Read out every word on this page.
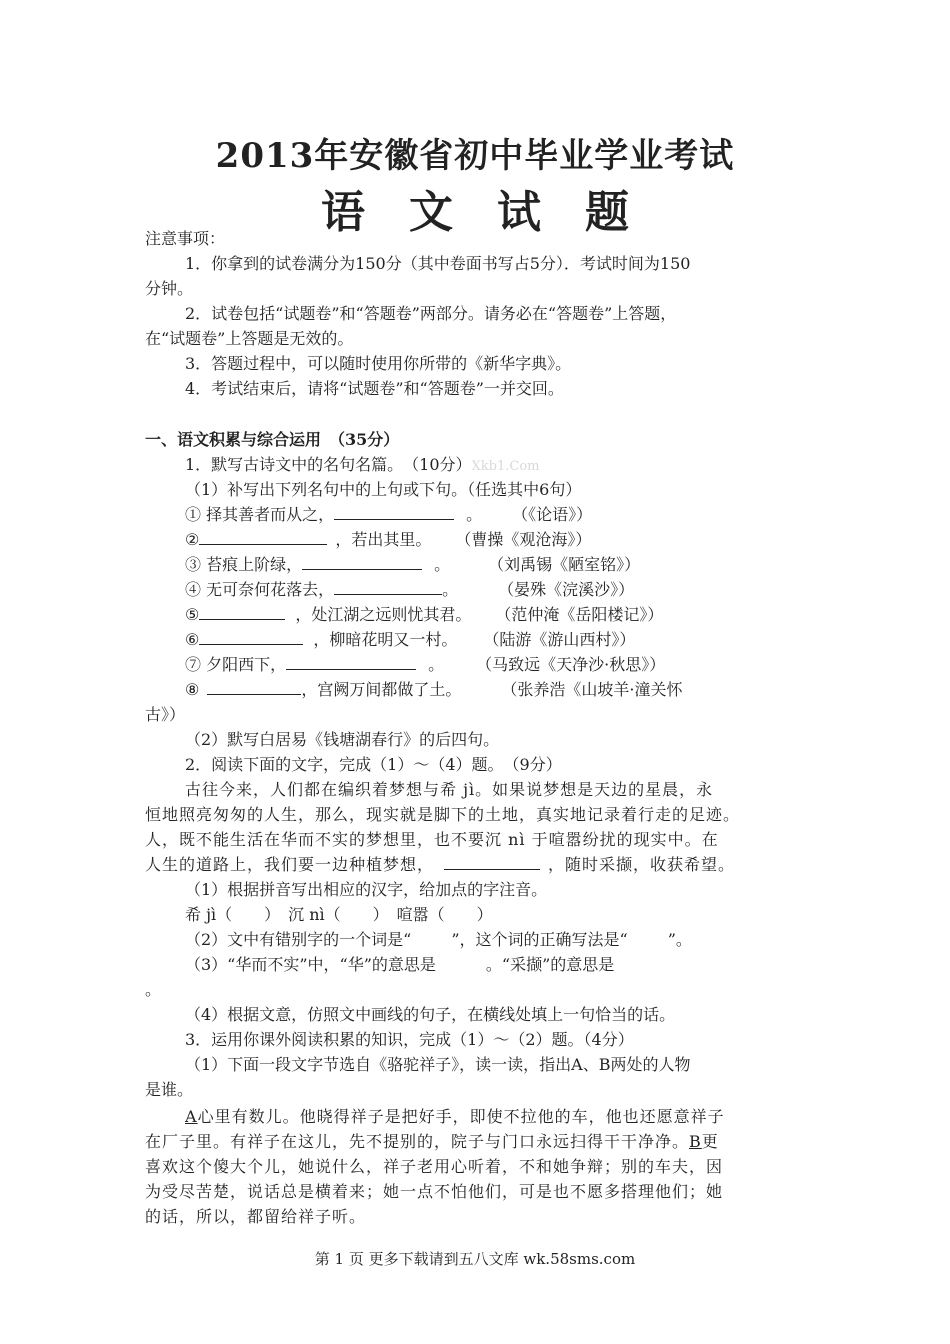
2013年安徽省初中毕业学业考试
语　文　试　题
注意事项：
1．你拿到的试卷满分为150分（其中卷面书写占5分）．考试时间为150
分钟。
2．试卷包括“试题卷”和“答题卷”两部分。请务必在“答题卷”上答题，
在“试题卷”上答题是无效的。
3．答题过程中，可以随时使用你所带的《新华字典》。
4．考试结束后，请将“试题卷”和“答题卷”一并交回。
一、语文积累与综合运用　（35分）
1．默写古诗文中的名句名篇。　（10分）Xkb1.Com
（1）补写出下列名句中的上句或下句。（任选其中6句）
① 择其善者而从之，	。 （《论语》）
②	，若出其里。 （曹操《观沧海》）
③ 苔痕上阶绿，	。	（刘禹锡《陋室铭》）
④ 无可奈何花落去，	。	（晏殊《浣溪沙》）
⑤	，处江湖之远则忧其君。 （范仲淹《岳阳楼记》）
⑥	，柳暗花明又一村。 （陆游《游山西村》）
⑦ 夕阳西下，	。	（马致远《天净沙·秋思》）
⑧	，宫阙万间都做了土。	（张养浩《山坡羊·潼关怀
古》）
（2）默写白居易《钱塘湖春行》的后四句。
2．阅读下面的文字，完成（1）～（4）题。　（9分）
古往今来，人们都在编织着梦想与希 jì。如果说梦想是天边的星晨，永
恒地照亮匆匆的人生，那么，现实就是脚下的土地，真实地记录着行走的足迹。
人，既不能生活在华而不实的梦想里，也不要沉 nì 于喧嚣纷扰的现实中。在
人生的道路上，我们要一边种植梦想，	，随时采撷，收获希望。
（1）根据拼音写出相应的汉字，给加点的字注音。
希 jì（　　）　沉 nì（　　）　喧嚣（　　）
（2）文中有错别字的一个词是“	”，这个词的正确写法是“	”。
（3）“华而不实”中，“华”的意思是	。“采撷”的意思是
。
（4）根据文意，仿照文中画线的句子，在横线处填上一句恰当的话。
3．运用你课外阅读积累的知识，完成（1）～（2）题。（4分）
（1）下面一段文字节选自《骆驼祥子》，读一读，指出A、B两处的人物
是谁。
A心里有数儿。他晓得祥子是把好手，即使不拉他的车，他也还愿意祥子
在厂子里。有祥子在这儿，先不提别的，院子与门口永远扫得干干净净。B更
喜欢这个傻大个儿，她说什么，祥子老用心听着，不和她争辩；别的车夫，因
为受尽苦楚，说话总是横着来；她一点不怕他们，可是也不愿多搭理他们；她
的话，所以，都留给祥子听。
第 1 页 更多下载请到五八文库 wk.58sms.com
